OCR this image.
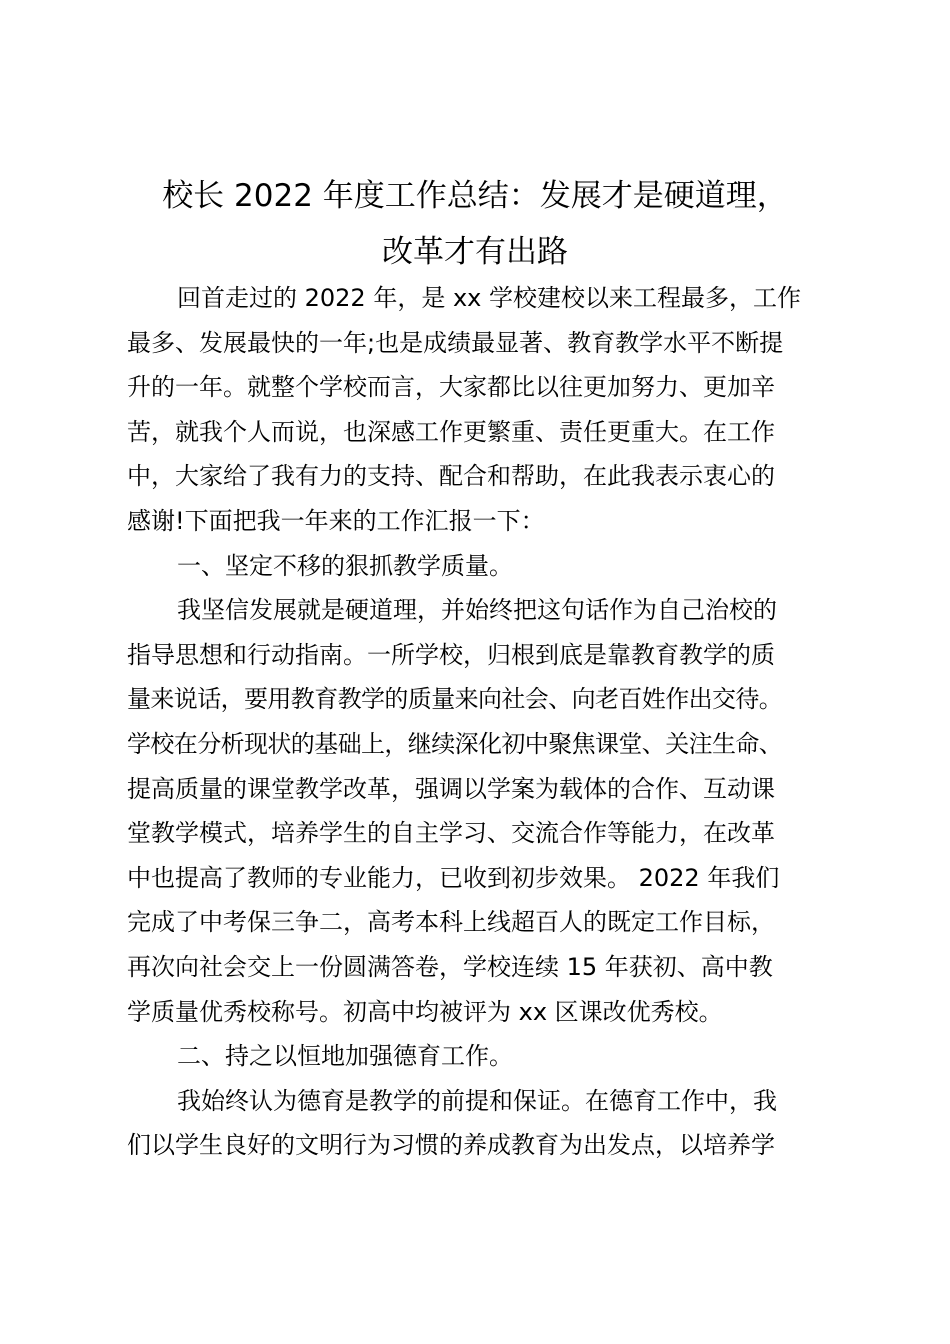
校长 2022 年度工作总结：发展才是硬道理，
改革才有出路
回首走过的 2022 年，是 xx 学校建校以来工程最多，工作
最多、发展最快的一年;也是成绩最显著、教育教学水平不断提
升的一年。就整个学校而言，大家都比以往更加努力、更加辛
苦，就我个人而说，也深感工作更繁重、责任更重大。在工作
中，大家给了我有力的支持、配合和帮助，在此我表示衷心的
感谢!下面把我一年来的工作汇报一下：
一、坚定不移的狠抓教学质量。
我坚信发展就是硬道理，并始终把这句话作为自己治校的
指导思想和行动指南。一所学校，归根到底是靠教育教学的质
量来说话，要用教育教学的质量来向社会、向老百姓作出交待。
学校在分析现状的基础上，继续深化初中聚焦课堂、关注生命、
提高质量的课堂教学改革，强调以学案为载体的合作、互动课
堂教学模式，培养学生的自主学习、交流合作等能力，在改革
中也提高了教师的专业能力，已收到初步效果。 2022 年我们
完成了中考保三争二，高考本科上线超百人的既定工作目标，
再次向社会交上一份圆满答卷，学校连续 15 年获初、高中教
学质量优秀校称号。初高中均被评为 xx 区课改优秀校。
二、持之以恒地加强德育工作。
我始终认为德育是教学的前提和保证。在德育工作中，我
们以学生良好的文明行为习惯的养成教育为出发点，以培养学
